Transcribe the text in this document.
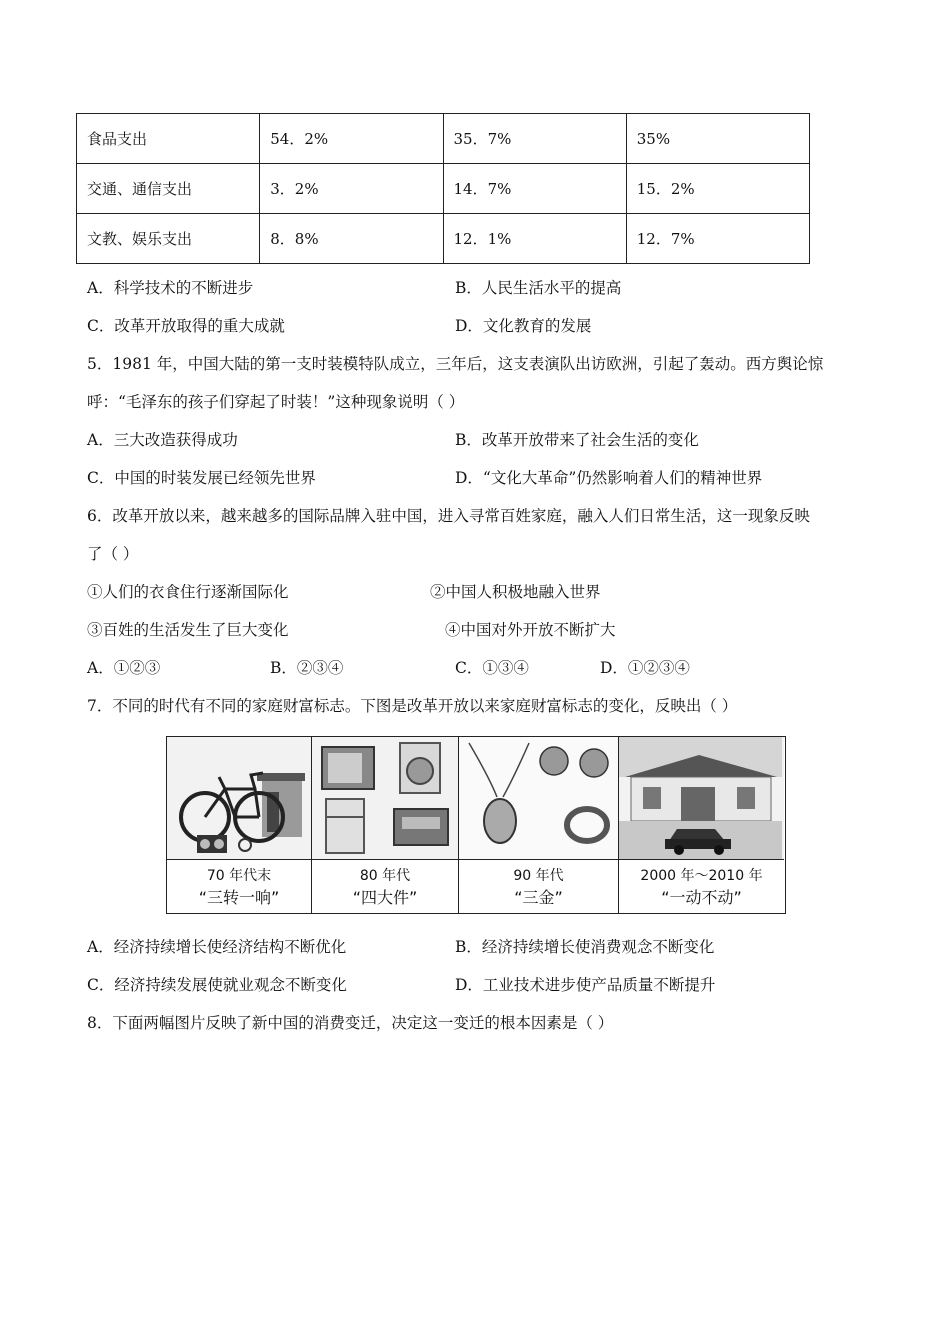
食品支出	54．2%	35．7%	35%
交通、通信支出	3．2%	14．7%	15．2%
文教、娱乐支出	8．8%	12．1%	12．7%
A．科学技术的不断进步	B．人民生活水平的提高
C．改革开放取得的重大成就	D．文化教育的发展
5．1981 年，中国大陆的第一支时装模特队成立，三年后，这支表演队出访欧洲，引起了轰动。西方舆论惊
呼：“毛泽东的孩子们穿起了时装！”这种现象说明（ ）
A．三大改造获得成功	B．改革开放带来了社会生活的变化
C．中国的时装发展已经领先世界	D．“文化大革命”仍然影响着人们的精神世界
6．改革开放以来，越来越多的国际品牌入驻中国，进入寻常百姓家庭，融入人们日常生活，这一现象反映
了（ ）
①人们的衣食住行逐渐国际化	②中国人积极地融入世界
③百姓的生活发生了巨大变化	④中国对外开放不断扩大
A．①②③	B．②③④	C．①③④	D．①②③④
7．不同的时代有不同的家庭财富标志。下图是改革开放以来家庭财富标志的变化，反映出（ ）
70 年代末
“三转一响”
80 年代
“四大件”
90 年代
“三金”
2000 年～2010 年
“一动不动”
A．经济持续增长使经济结构不断优化	B．经济持续增长使消费观念不断变化
C．经济持续发展使就业观念不断变化	D．工业技术进步使产品质量不断提升
8．下面两幅图片反映了新中国的消费变迁，决定这一变迁的根本因素是（ ）
